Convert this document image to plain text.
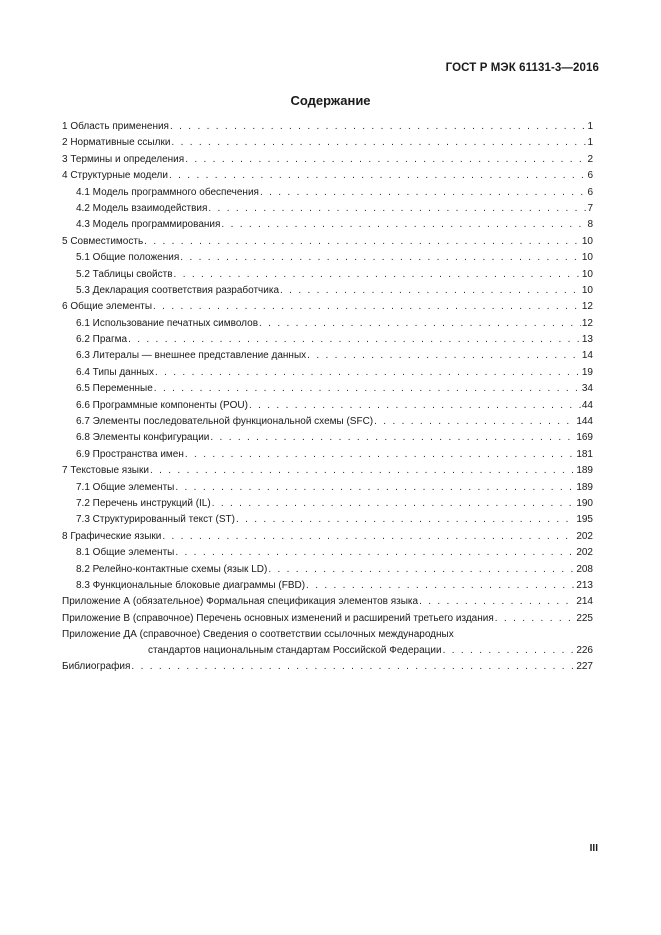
ГОСТ Р МЭК 61131-3—2016
Содержание
1 Область применения . . .	1
2 Нормативные ссылки . . .	1
3 Термины и определения . . .	2
4 Структурные модели . . .	6
4.1 Модель программного обеспечения . . .	6
4.2 Модель взаимодействия . . .	7
4.3 Модель программирования . . .	8
5 Совместимость . . .	10
5.1 Общие положения . . .	10
5.2 Таблицы свойств . . .	10
5.3 Декларация соответствия разработчика . . .	10
6 Общие элементы . . .	12
6.1 Использование печатных символов . . .	12
6.2 Прагма . . .	13
6.3 Литералы — внешнее представление данных . . .	14
6.4 Типы данных . . .	19
6.5 Переменные . . .	34
6.6 Программные компоненты (POU) . . .	44
6.7 Элементы последовательной функциональной схемы (SFC) . . .	144
6.8 Элементы конфигурации . . .	169
6.9 Пространства имен . . .	181
7 Текстовые языки . . .	189
7.1 Общие элементы . . .	189
7.2 Перечень инструкций (IL) . . .	190
7.3 Структурированный текст (ST) . . .	195
8 Графические языки . . .	202
8.1 Общие элементы . . .	202
8.2 Релейно-контактные схемы (язык LD) . . .	208
8.3 Функциональные блоковые диаграммы (FBD) . . .	213
Приложение А (обязательное) Формальная спецификация элементов языка . . .	214
Приложение В (справочное) Перечень основных изменений и расширений третьего издания . . .	225
Приложение ДА (справочное) Сведения о соответствии ссылочных международных
стандартов национальным стандартам Российской Федерации . . .	226
Библиография . . .	227
III
